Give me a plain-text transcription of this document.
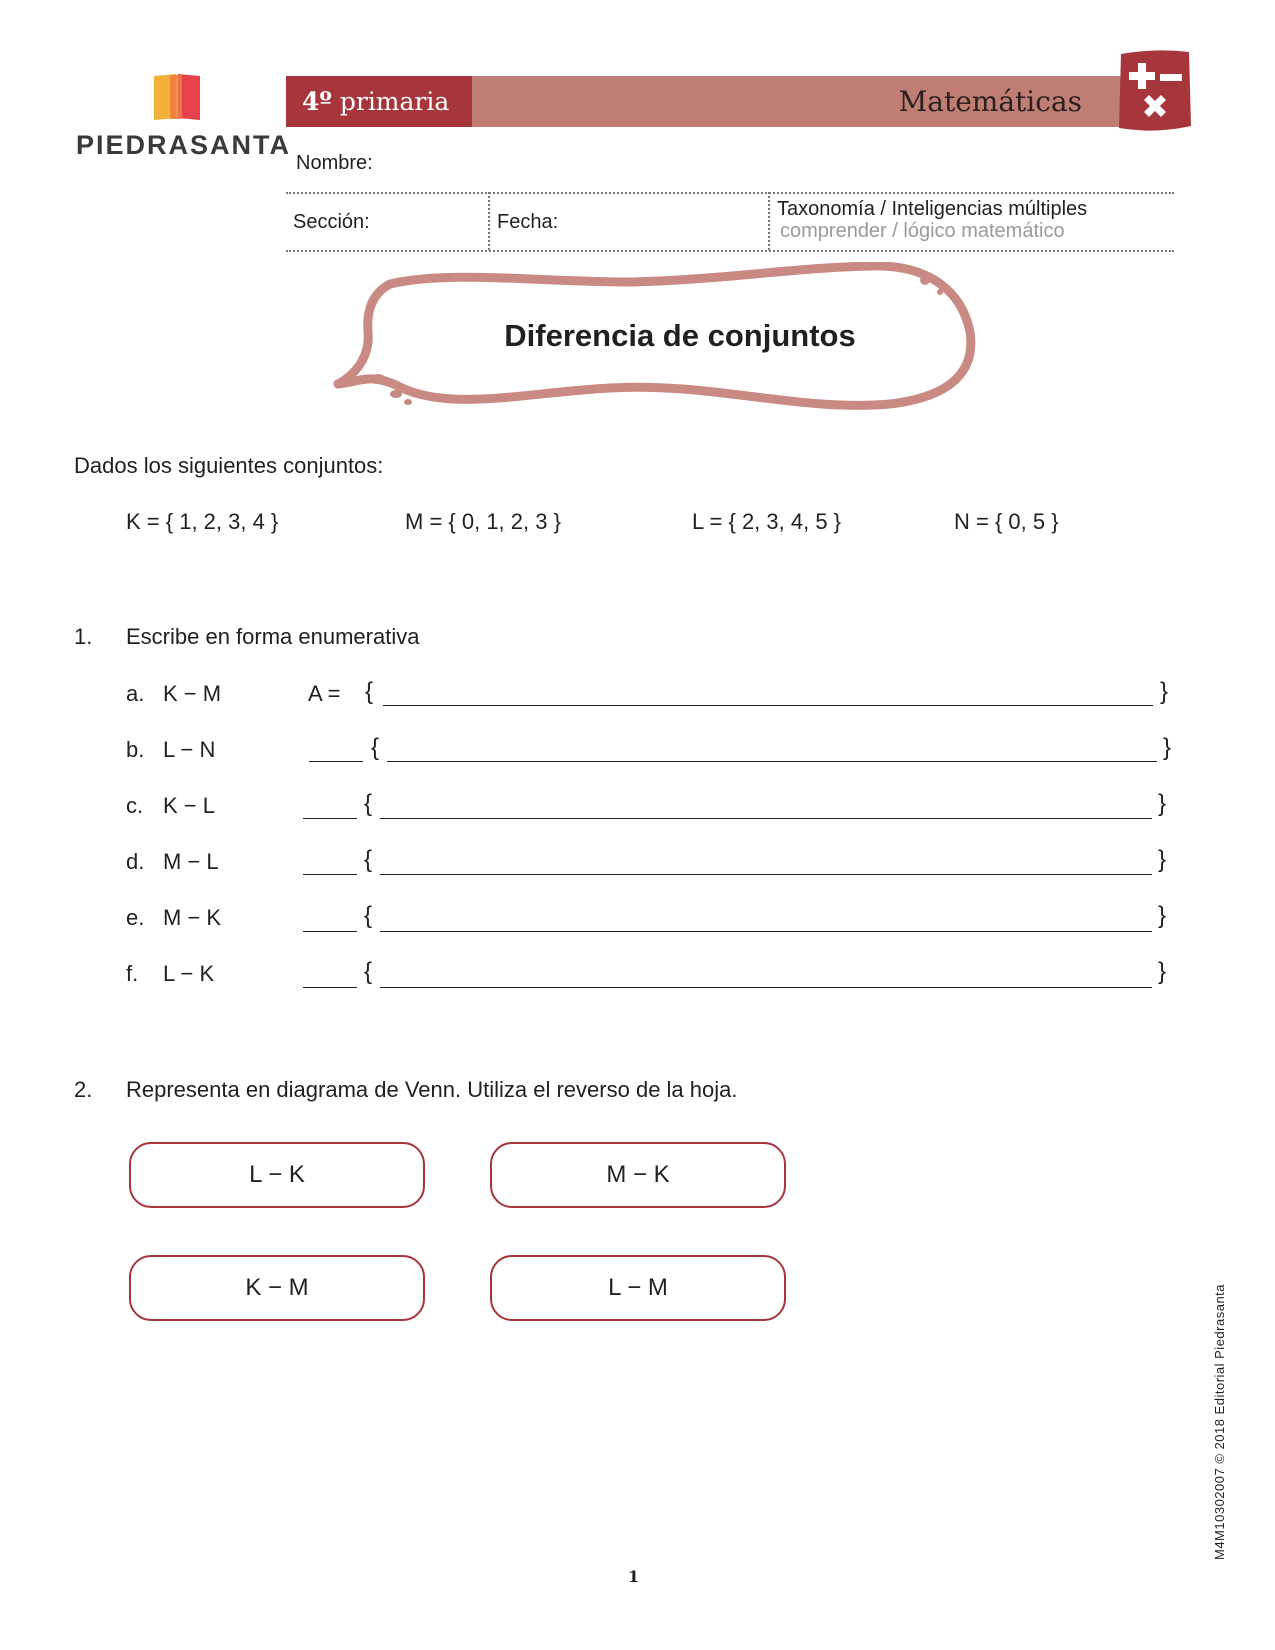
PIEDRASANTA
4º primaria	Matemáticas
Nombre:
Sección:	Fecha:
Taxonomía / Inteligencias múltiples
comprender / lógico matemático
Diferencia de conjuntos
Dados los siguientes conjuntos:
K = { 1, 2, 3, 4 }	M = { 0, 1, 2, 3 }	L = { 2, 3, 4, 5 }	N = { 0, 5 }
1. Escribe en forma enumerativa
a. K − M	A = {	}
b. L − N	{	}
c. K − L	{	}
d. M − L	{	}
e. M − K	{	}
f. L − K	{	}
2. Representa en diagrama de Venn. Utiliza el reverso de la hoja.
L − K	M − K
K − M	L − M	M4M10302007 © 2018 Editorial Piedrasanta
1
